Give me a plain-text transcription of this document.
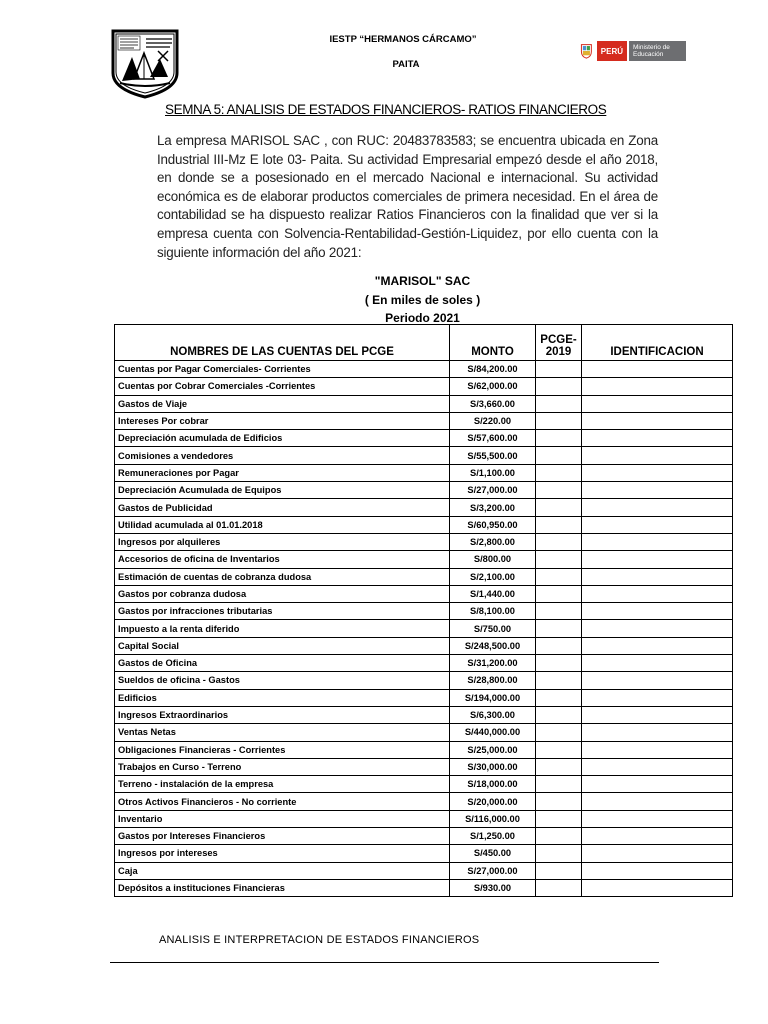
IESTP “HERMANOS CÁRCAMO”
PAITA
PERÚ	Ministerio de Educación
SEMNA 5: ANALISIS DE ESTADOS FINANCIEROS- RATIOS FINANCIEROS
La empresa MARISOL SAC , con RUC: 20483783583; se encuentra ubicada en Zona Industrial III-Mz E lote 03- Paita. Su actividad Empresarial empezó desde el año 2018, en donde se a posesionado en el mercado Nacional e internacional. Su actividad económica es de elaborar productos comerciales de primera necesidad. En el área de contabilidad se ha dispuesto realizar Ratios Financieros con la finalidad que ver si la empresa cuenta con Solvencia-Rentabilidad-Gestión-Liquidez, por ello cuenta con la siguiente información del año 2021:
"MARISOL" SAC
( En miles de soles )
Periodo 2021
NOMBRES DE LAS CUENTAS DEL PCGE	MONTO	PCGE-2019	IDENTIFICACION
Cuentas por Pagar Comerciales- Corrientes	S/84,200.00		
Cuentas por Cobrar Comerciales -Corrientes	S/62,000.00		
Gastos de Viaje	S/3,660.00		
Intereses Por cobrar	S/220.00		
Depreciación acumulada de Edificios	S/57,600.00		
Comisiones a vendedores	S/55,500.00		
Remuneraciones por Pagar	S/1,100.00		
Depreciación Acumulada de Equipos	S/27,000.00		
Gastos de Publicidad	S/3,200.00		
Utilidad acumulada al 01.01.2018	S/60,950.00		
Ingresos por alquileres	S/2,800.00		
Accesorios de oficina de Inventarios	S/800.00		
Estimación de cuentas de cobranza dudosa	S/2,100.00		
Gastos por cobranza dudosa	S/1,440.00		
Gastos por infracciones tributarias	S/8,100.00		
Impuesto a la renta diferido	S/750.00		
Capital Social	S/248,500.00		
Gastos de Oficina	S/31,200.00		
Sueldos de oficina - Gastos	S/28,800.00		
Edificios	S/194,000.00		
Ingresos Extraordinarios	S/6,300.00		
Ventas Netas	S/440,000.00		
Obligaciones Financieras - Corrientes	S/25,000.00		
Trabajos en Curso - Terreno	S/30,000.00		
Terreno - instalación de la empresa	S/18,000.00		
Otros Activos Financieros - No corriente	S/20,000.00		
Inventario	S/116,000.00		
Gastos por Intereses Financieros	S/1,250.00		
Ingresos por intereses	S/450.00		
Caja	S/27,000.00		
Depósitos a instituciones Financieras	S/930.00		
ANALISIS E INTERPRETACION DE ESTADOS FINANCIEROS
